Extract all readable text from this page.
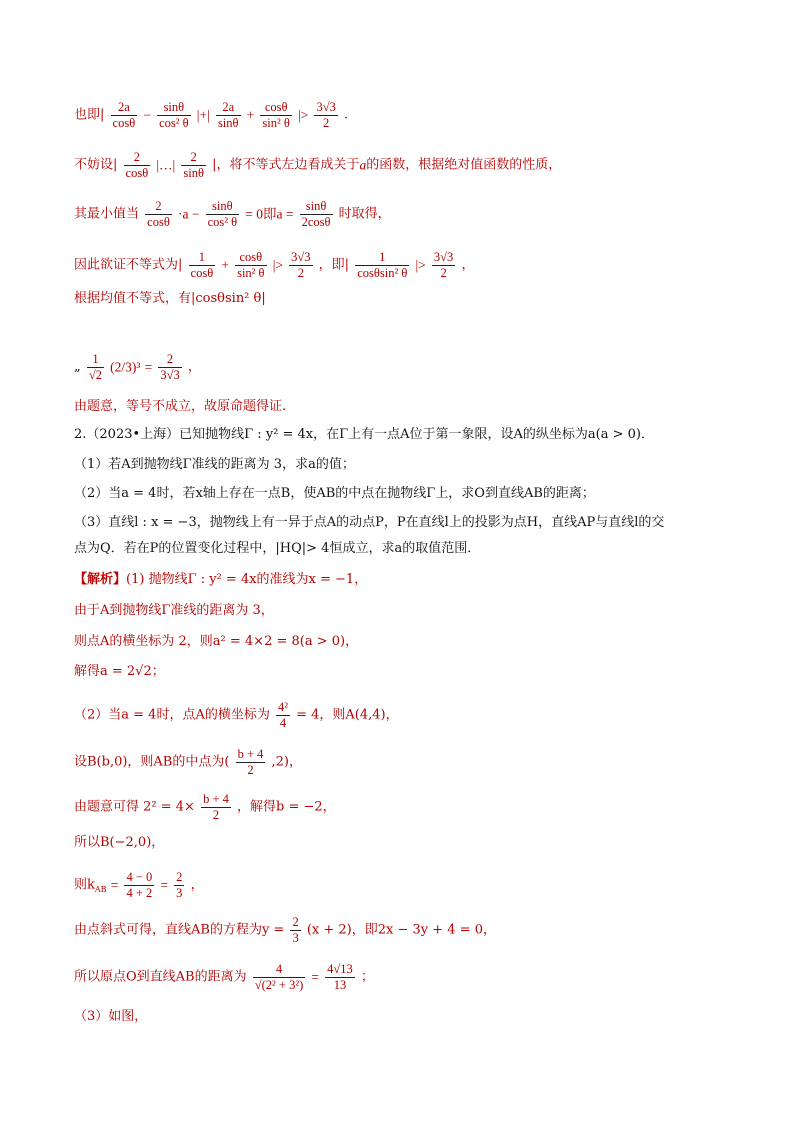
也即| $\frac{2a}{\cos\theta} - \frac{\sin\theta}{\text{cos² θ}}$ |+| $\frac{2a}{\sin\theta} + \frac{\cos\theta}{\text{sin² θ}}$ |> $\frac{3√3}{2}$ .
不妨设| $\frac{2}{\cos\theta}$ |…| $\frac{2}{\sin\theta}$ |，将不等式左边看成关于a的函数，根据绝对值函数的性质，
其最小值当 $\frac{2}{\cos\theta} \cdot a - \frac{\sin\theta}{\text{cos² θ}} = 0$即$a = \frac{\sin\theta}{2\cos\theta}$ 时取得，
因此欲证不等式为| $\frac{1}{\cos\theta} + \frac{\cos\theta}{\text{sin² θ}}$ |> $\frac{3√3}{2}$ ，即| $\frac{1}{\text{cosθsin² θ}}$ |> $\frac{3√3}{2}$ ，
根据均值不等式，有|cosθsin² θ|
„ $\frac{1}{√2} (2/3)^3 = \frac{2}{3√3}$ ，
由题意，等号不成立，故原命题得证.
2.（2023•上海）已知抛物线Γ : y² = 4x，在Γ上有一点A位于第一象限，设A的纵坐标为a(a > 0)．
（1）若A到抛物线Γ准线的距离为 3，求a的值；
（2）当a = 4时，若x轴上存在一点B，使AB的中点在抛物线Γ上，求O到直线AB的距离；
（3）直线l : x = −3，抛物线上有一异于点A的动点P，P在直线l上的投影为点H，直线AP与直线l的交
点为Q．若在P的位置变化过程中，|HQ|> 4恒成立，求a的取值范围．
【解析】(1) 抛物线Γ : y² = 4x的准线为x = −1，
由于A到抛物线Γ准线的距离为 3，
则点A的横坐标为 2，则a² = 4×2 = 8(a > 0)，
解得a = 2√2；
（2）当a = 4时，点A的横坐标为 $\frac{\text{4²}}{4} = 4$，则A(4,4)，
设B(b,0)，则AB的中点为( $\frac{b + 4}{2} ,2$)，
由题意可得 $2^2 = 4\times \frac{b + 4}{2}$ ，解得b = −2，
所以B(−2,0)，
则$k_{AB} = \frac{4 - 0}{4 + 2} = \frac{2}{3}$ ，
由点斜式可得，直线AB的方程为$y = \frac{2}{3} (x + 2)$，即2x − 3y + 4 = 0，
所以原点O到直线AB的距离为 $\frac{4}{\text{√(2² + 3²)}} = \frac{4√13}{13}$ ；
（3）如图，
